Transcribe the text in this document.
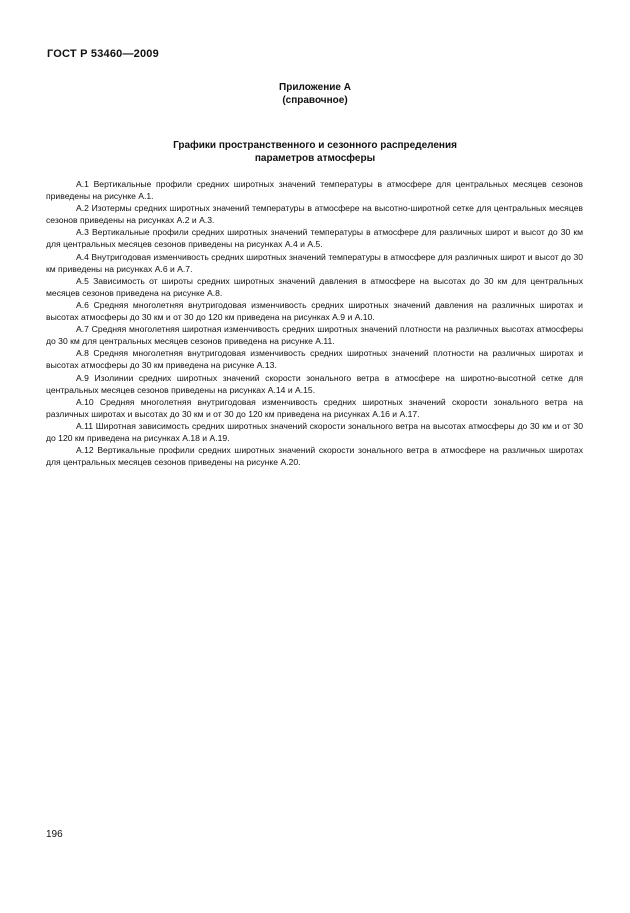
ГОСТ Р 53460—2009
Приложение А
(справочное)
Графики пространственного и сезонного распределения
параметров атмосферы

А.1 Вертикальные профили средних широтных значений температуры в атмосфере для центральных месяцев сезонов приведены на рисунке А.1.

А.2 Изотермы средних широтных значений температуры в атмосфере на высотно-широтной сетке для центральных месяцев сезонов приведены на рисунках А.2 и А.3.

А.3 Вертикальные профили средних широтных значений температуры в атмосфере для различных широт и высот до 30 км для центральных месяцев сезонов приведены на рисунках А.4 и А.5.

А.4 Внутригодовая изменчивость средних широтных значений температуры в атмосфере для различных широт и высот до 30 км приведены на рисунках А.6 и А.7.

А.5 Зависимость от широты средних широтных значений давления в атмосфере на высотах до 30 км для центральных месяцев сезонов приведена на рисунке А.8.

А.6 Средняя многолетняя внутригодовая изменчивость средних широтных значений давления на различных широтах и высотах атмосферы до 30 км и от 30 до 120 км приведена на рисунках А.9 и А.10.

А.7 Средняя многолетняя широтная изменчивость средних широтных значений плотности на различных высотах атмосферы до 30 км для центральных месяцев сезонов приведена на рисунке А.11.

А.8 Средняя многолетняя внутригодовая изменчивость средних широтных значений плотности на различных широтах и высотах атмосферы до 30 км приведена на рисунке А.13.

А.9 Изолинии средних широтных значений скорости зонального ветра в атмосфере на широтно-высотной сетке для центральных месяцев сезонов приведены на рисунках А.14 и А.15.

А.10 Средняя многолетняя внутригодовая изменчивость средних широтных значений скорости зонального ветра на различных широтах и высотах до 30 км и от 30 до 120 км приведена на рисунках А.16 и А.17.

А.11 Широтная зависимость средних широтных значений скорости зонального ветра на высотах атмосферы до 30 км и от 30 до 120 км приведена на рисунках А.18 и А.19.

А.12 Вертикальные профили средних широтных значений скорости зонального ветра в атмосфере на различных широтах для центральных месяцев сезонов приведены на рисунке А.20.

196
